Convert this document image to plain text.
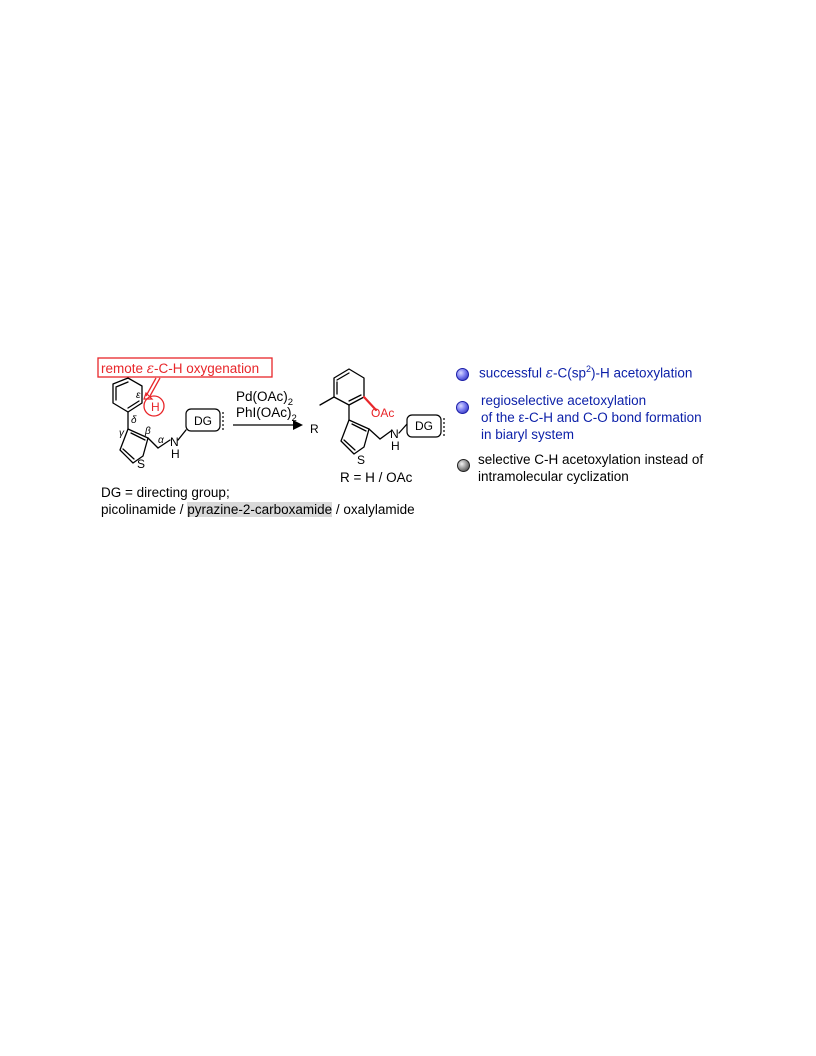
remote ε-C-H oxygenation
H
ε
δ
γ β
α
S
N
H
DG
$Pd(OAc)_2$
$PhI(OAc)_2$
R
OAc
S
N
H
DG
R = H / OAc
DG = directing group;
picolinamide / pyrazine-2-carboxamide / oxalylamide
successful $\varepsilon-C(sp^2)-H$ acetoxylation
regioselective acetoxylation
of the ε-C-H and C-O bond formation
in biaryl system
selective C-H acetoxylation instead of
intramolecular cyclization
